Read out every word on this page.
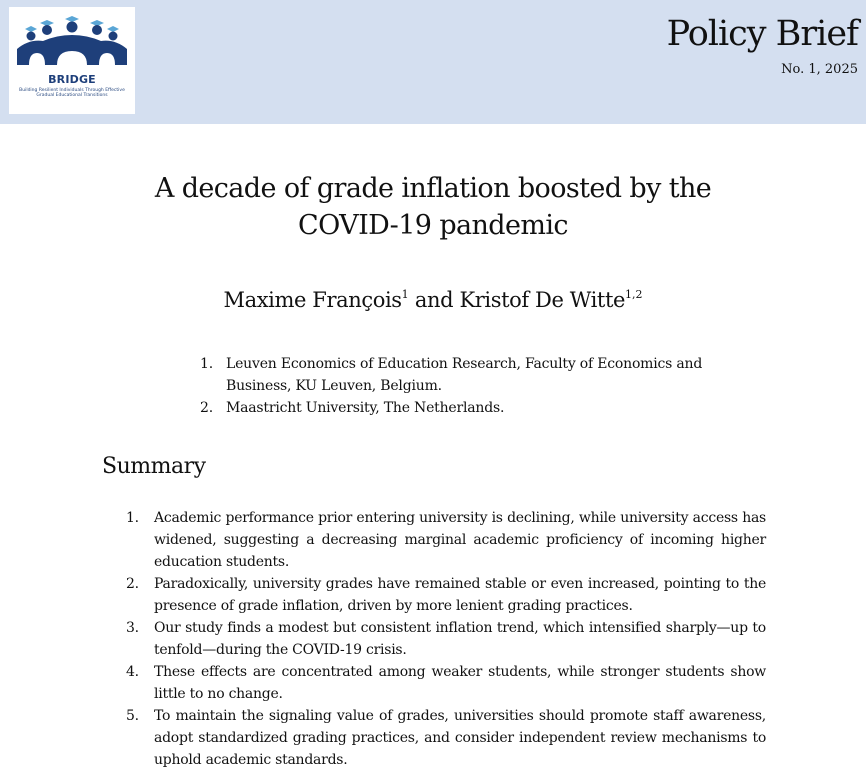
BRIDGE
Building Resilient Individuals Through Effective Gradual Educational Transitions
Policy Brief
No. 1, 2025
A decade of grade inflation boosted by the
COVID-19 pandemic
Maxime François$^1$ and Kristof De Witte$^{1,2}$
1. Leuven Economics of Education Research, Faculty of Economics and Business, KU Leuven, Belgium.
2. Maastricht University, The Netherlands.
Summary
1. Academic performance prior entering university is declining, while university access has widened, suggesting a decreasing marginal academic proficiency of incoming higher education students.
2. Paradoxically, university grades have remained stable or even increased, pointing to the presence of grade inflation, driven by more lenient grading practices.
3. Our study finds a modest but consistent inflation trend, which intensified sharply—up to tenfold—during the COVID-19 crisis.
4. These effects are concentrated among weaker students, while stronger students show little to no change.
5. To maintain the signaling value of grades, universities should promote staff awareness, adopt standardized grading practices, and consider independent review mechanisms to uphold academic standards.
